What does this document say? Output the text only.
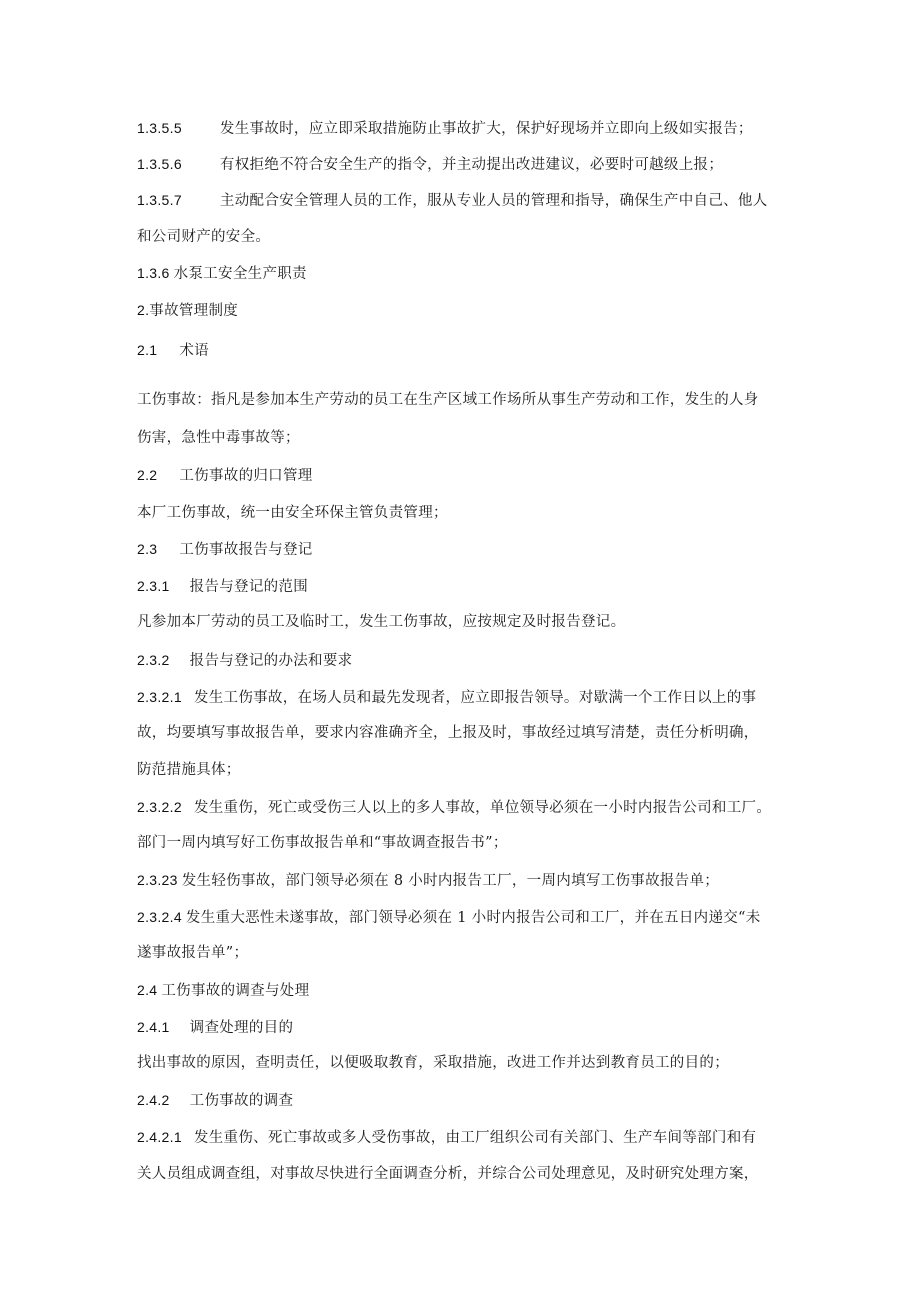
1.3.5.5	发生事故时，应立即采取措施防止事故扩大，保护好现场并立即向上级如实报告；
1.3.5.6	有权拒绝不符合安全生产的指令，并主动提出改进建议，必要时可越级上报；
1.3.5.7	主动配合安全管理人员的工作，服从专业人员的管理和指导，确保生产中自己、他人
和公司财产的安全。
1.3.6 水泵工安全生产职责
2.事故管理制度
2.1 术语
工伤事故：指凡是参加本生产劳动的员工在生产区域工作场所从事生产劳动和工作，发生的人身
伤害，急性中毒事故等；
2.2 工伤事故的归口管理
本厂工伤事故，统一由安全环保主管负责管理；
2.3 工伤事故报告与登记
2.3.1 报告与登记的范围
凡参加本厂劳动的员工及临时工，发生工伤事故，应按规定及时报告登记。
2.3.2 报告与登记的办法和要求
2.3.2.1 发生工伤事故，在场人员和最先发现者，应立即报告领导。对歇满一个工作日以上的事
故，均要填写事故报告单，要求内容准确齐全，上报及时，事故经过填写清楚，责任分析明确，
防范措施具体；
2.3.2.2 发生重伤，死亡或受伤三人以上的多人事故，单位领导必须在一小时内报告公司和工厂。
部门一周内填写好工伤事故报告单和“事故调查报告书”；
2.3.23 发生轻伤事故，部门领导必须在 8 小时内报告工厂，一周内填写工伤事故报告单；
2.3.2.4 发生重大恶性未遂事故，部门领导必须在 1 小时内报告公司和工厂，并在五日内递交“未
遂事故报告单”；
2.4 工伤事故的调查与处理
2.4.1 调查处理的目的
找出事故的原因，查明责任，以便吸取教育，采取措施，改进工作并达到教育员工的目的；
2.4.2 工伤事故的调查
2.4.2.1 发生重伤、死亡事故或多人受伤事故，由工厂组织公司有关部门、生产车间等部门和有
关人员组成调查组，对事故尽快进行全面调查分析，并综合公司处理意见，及时研究处理方案，
